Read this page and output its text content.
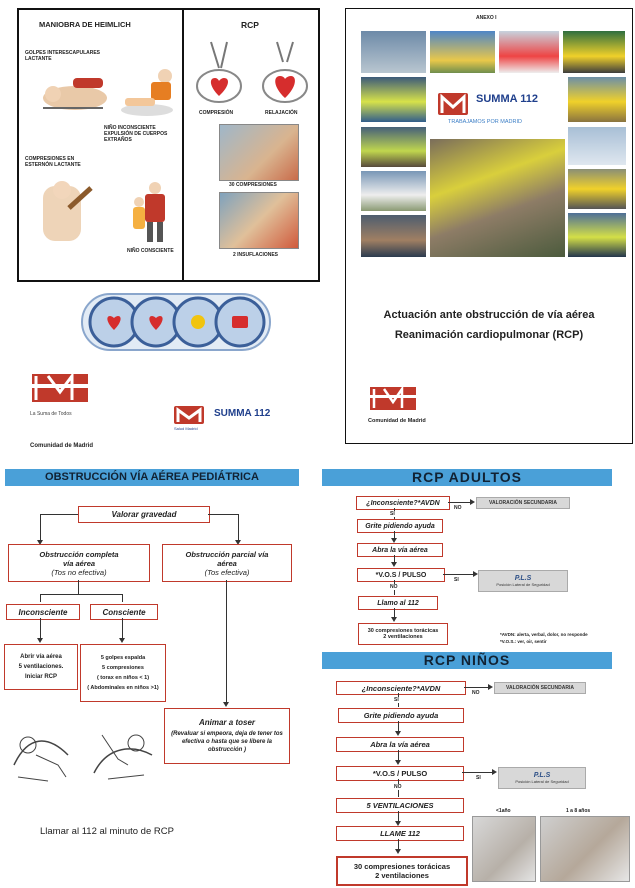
MANIOBRA DE HEIMLICH
GOLPES INTERESCAPULARES LACTANTE
NIÑO INCONSCIENTE EXPULSIÓN DE CUERPOS EXTRAÑOS
COMPRESIONES EN ESTERNÓN LACTANTE
NIÑO CONSCIENTE
RCP
COMPRESIÓN	RELAJACIÓN
30 COMPRESIONES
2 INSUFLACIONES
La Suma de Todos
Comunidad de Madrid
SUMMA 112
Salud Madrid
ANEXO I
SUMMA 112
TRABAJAMOS POR MADRID
Actuación ante obstrucción de vía aérea
Reanimación cardiopulmonar (RCP)
Comunidad de Madrid
OBSTRUCCIÓN VÍA AÉREA PEDIÁTRICA
Valorar gravedad
Obstrucción completa vía aérea
(Tos no efectiva)
Obstrucción parcial vía aérea
(Tos efectiva)
Inconsciente	Consciente
Abrir vía aérea
5 ventilaciones.
Iniciar RCP
5 golpes espalda
5 compresiones
( torax en niños < 1)
( Abdominales en niños >1)
Animar a toser
(Revaluar si empeora, deja de tener tos efectiva o hasta que se libere la obstrucción )
Llamar al 112 al minuto de RCP
RCP ADULTOS
¿Inconsciente?*AVDN
NO
VALORACIÓN SECUNDARIA
SI
Grite pidiendo ayuda
Abra la vía aérea
*V.O.S / PULSO
SI	P.L.S
Posición Lateral de Seguridad
NO
Llamo al 112
30 compresiones torácicas
2 ventilaciones	*AVDN: alerta, verbal, dolor, no responde
*V.O.S.: ver, oir, sentir
RCP NIÑOS
¿Inconsciente?*AVDN
NO
VALORACIÓN SECUNDARIA
SI
Grite pidiendo ayuda
Abra la vía aérea
*V.O.S / PULSO	SI	P.L.S
Posición Lateral de Seguridad
NO
5 VENTILACIONES
LLAME 112
30 compresiones torácicas
2 ventilaciones
<1año	1 a 8 años
